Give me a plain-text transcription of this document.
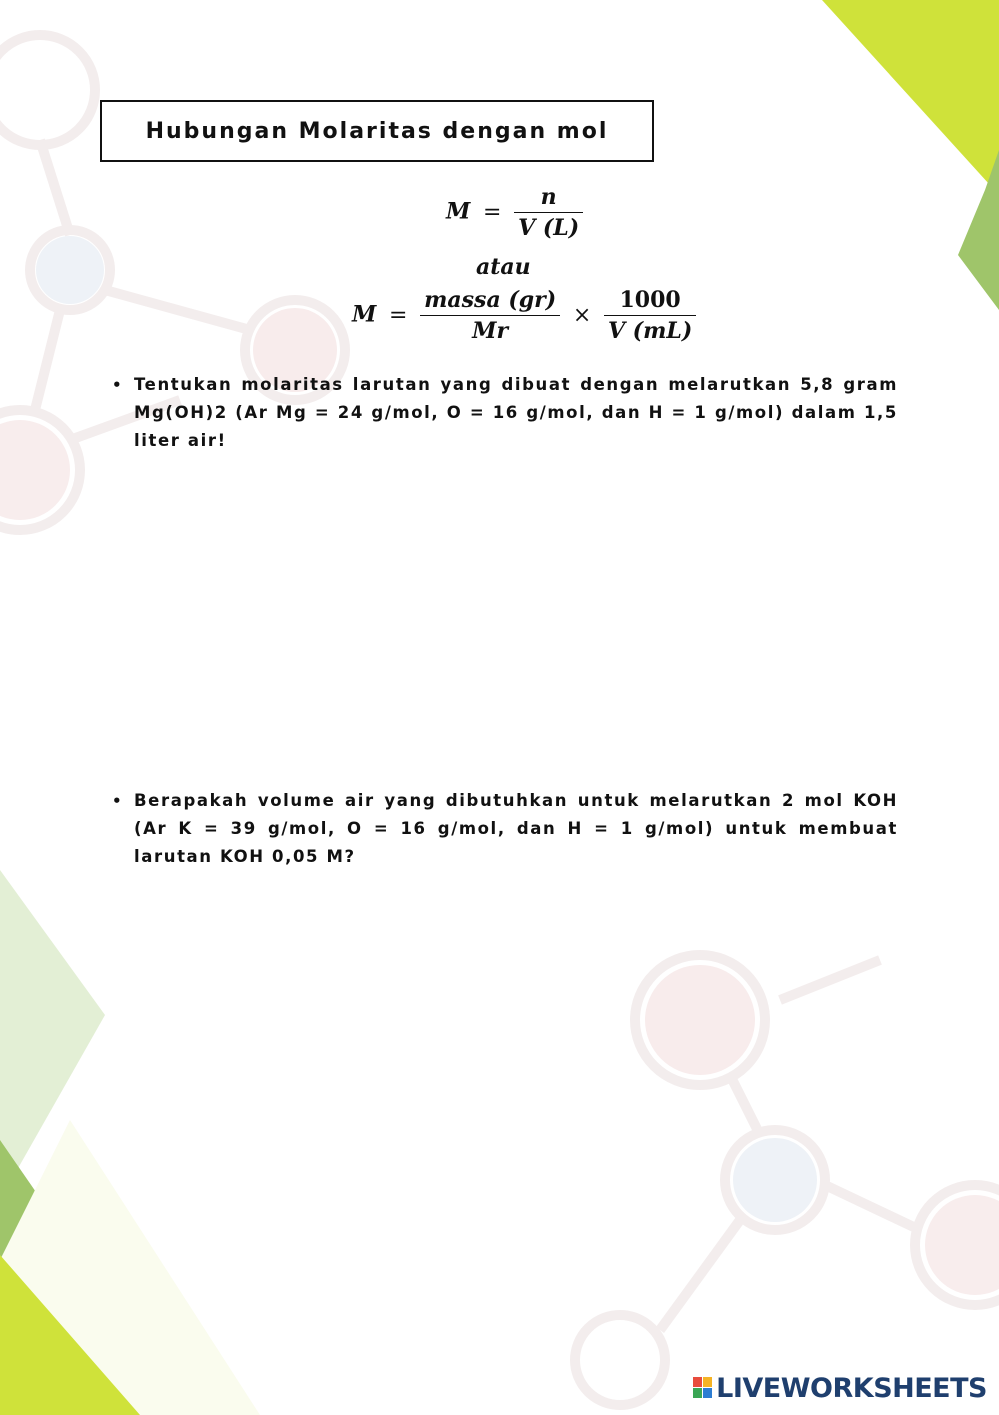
Hubungan Molaritas dengan mol
$M = \frac{n}{V (L)}$
atau
$M = \frac{\text{massa (gr)}}{Mr} \times \frac{1000}{V (mL)}$
• Tentukan molaritas larutan yang dibuat dengan melarutkan 5,8 gram Mg(OH)2 (Ar Mg = 24 g/mol, O = 16 g/mol, dan H = 1 g/mol) dalam 1,5 liter air!
• Berapakah volume air yang dibutuhkan untuk melarutkan 2 mol KOH (Ar K = 39 g/mol, O = 16 g/mol, dan H = 1 g/mol) untuk membuat larutan KOH 0,05 M?
LIVEWORKSHEETS
